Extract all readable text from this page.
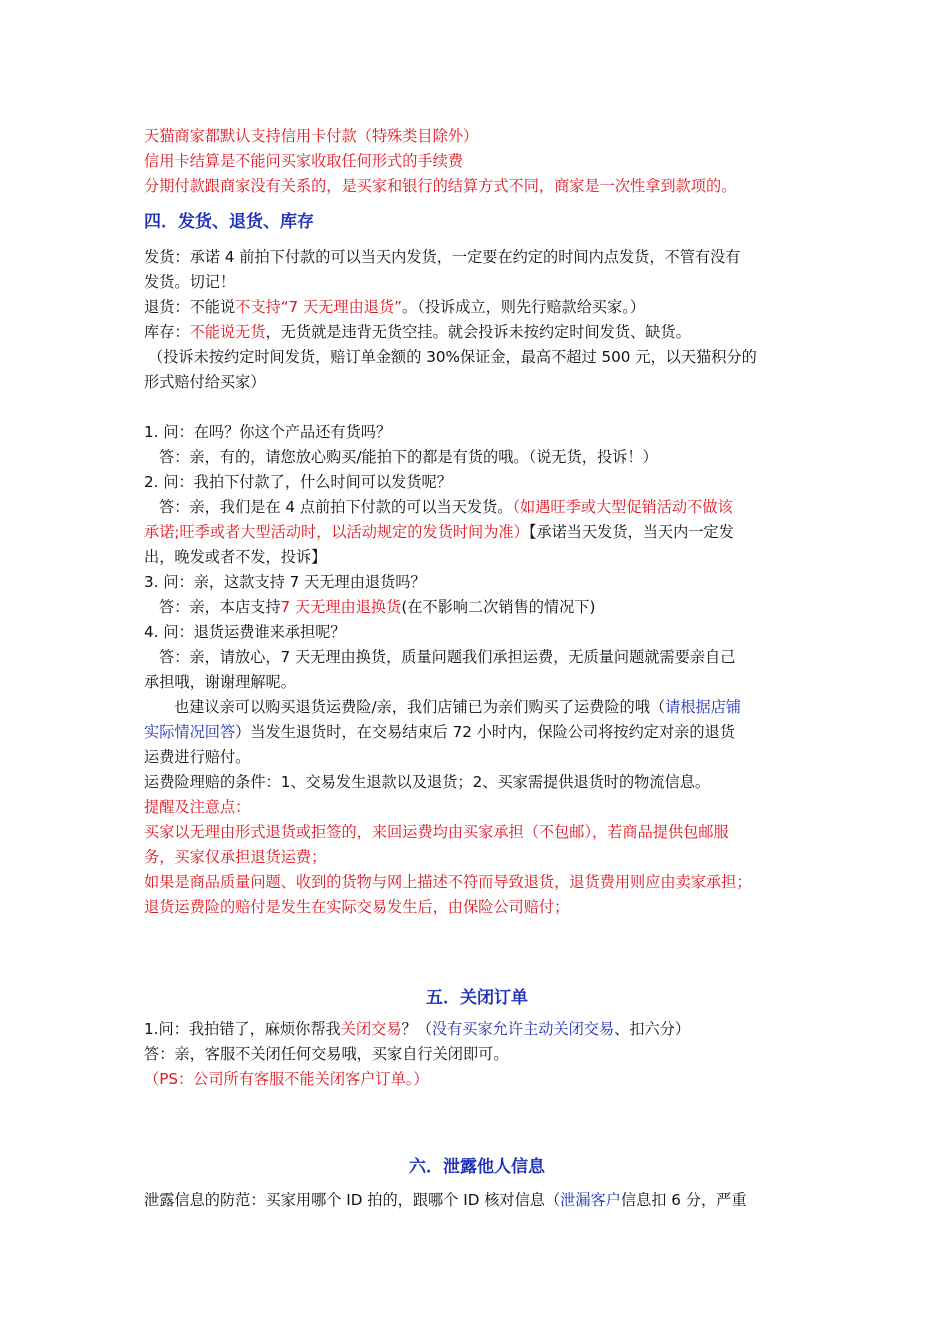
天猫商家都默认支持信用卡付款（特殊类目除外）
信用卡结算是不能问买家收取任何形式的手续费
分期付款跟商家没有关系的，是买家和银行的结算方式不同，商家是一次性拿到款项的。
四．发货、退货、库存
发货：承诺 4 前拍下付款的可以当天内发货，一定要在约定的时间内点发货，不管有没有
发货。切记！
退货：不能说不支持“7 天无理由退货”。（投诉成立，则先行赔款给买家。）
库存：不能说无货，无货就是违背无货空挂。就会投诉未按约定时间发货、缺货。
（投诉未按约定时间发货，赔订单金额的 30%保证金，最高不超过 500 元，以天猫积分的
形式赔付给买家）
1. 问：在吗？你这个产品还有货吗？
答：亲，有的，请您放心购买/能拍下的都是有货的哦。（说无货，投诉！）
2. 问：我拍下付款了，什么时间可以发货呢？
答：亲，我们是在 4 点前拍下付款的可以当天发货。（如遇旺季或大型促销活动不做该
承诺;旺季或者大型活动时，以活动规定的发货时间为准）【承诺当天发货，当天内一定发
出，晚发或者不发，投诉】
3. 问：亲，这款支持 7 天无理由退货吗？
答：亲，本店支持7 天无理由退换货(在不影响二次销售的情况下)
4. 问：退货运费谁来承担呢？
答：亲，请放心，7 天无理由换货，质量问题我们承担运费，无质量问题就需要亲自己
承担哦，谢谢理解呢。
也建议亲可以购买退货运费险/亲，我们店铺已为亲们购买了运费险的哦（请根据店铺
实际情况回答）当发生退货时，在交易结束后 72 小时内，保险公司将按约定对亲的退货
运费进行赔付。
运费险理赔的条件：1、交易发生退款以及退货；2、买家需提供退货时的物流信息。
提醒及注意点：
买家以无理由形式退货或拒签的，来回运费均由买家承担（不包邮），若商品提供包邮服
务，买家仅承担退货运费；
如果是商品质量问题、收到的货物与网上描述不符而导致退货，退货费用则应由卖家承担；
退货运费险的赔付是发生在实际交易发生后，由保险公司赔付；
五．关闭订单
1.问：我拍错了，麻烦你帮我关闭交易？（没有买家允许主动关闭交易、扣六分）
答：亲，客服不关闭任何交易哦，买家自行关闭即可。
（PS：公司所有客服不能关闭客户订单。）
六．泄露他人信息
泄露信息的防范：买家用哪个 ID 拍的，跟哪个 ID 核对信息（泄漏客户信息扣 6 分，严重
